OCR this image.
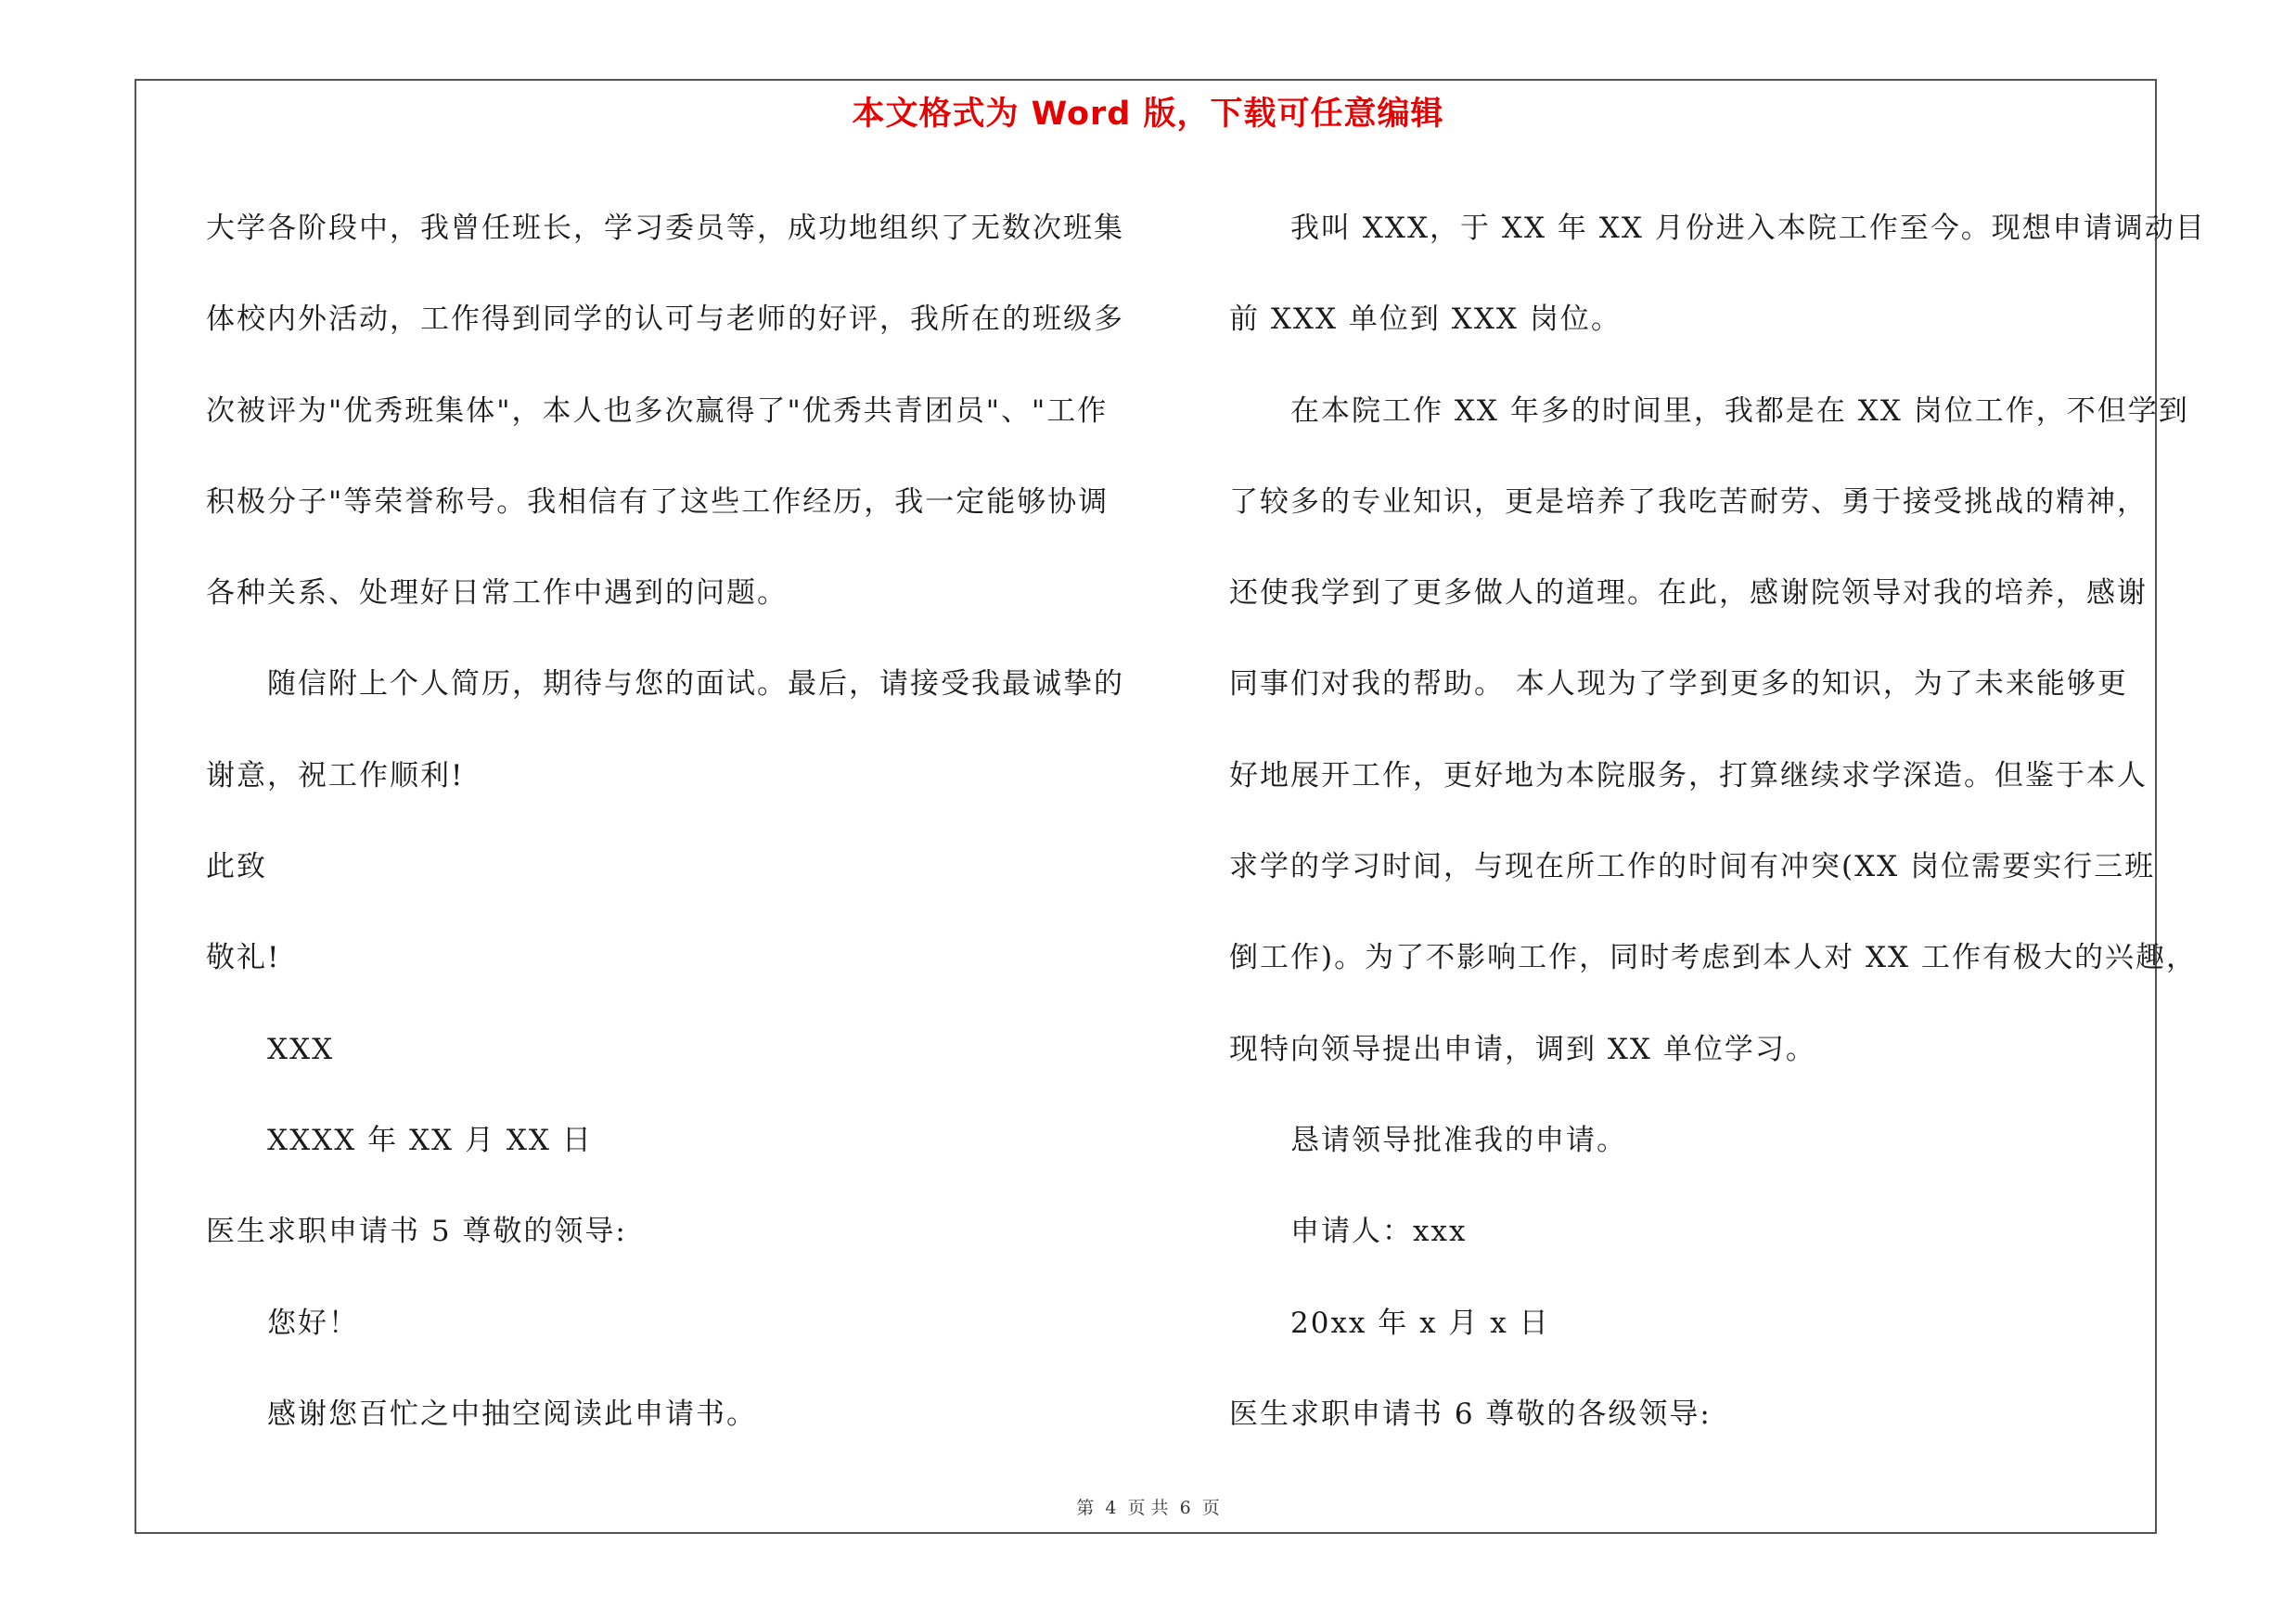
本文格式为 Word 版，下载可任意编辑

大学各阶段中，我曾任班长，学习委员等，成功地组织了无数次班集

体校内外活动，工作得到同学的认可与老师的好评，我所在的班级多

次被评为"优秀班集体"，本人也多次赢得了"优秀共青团员"、"工作

积极分子"等荣誉称号。我相信有了这些工作经历，我一定能够协调

各种关系、处理好日常工作中遇到的问题。

随信附上个人简历，期待与您的面试。最后，请接受我最诚挚的

谢意，祝工作顺利!

此致

敬礼!

XXX

XXXX 年 XX 月 XX 日

医生求职申请书 5 尊敬的领导:

您好！

感谢您百忙之中抽空阅读此申请书。

我叫 XXX，于 XX 年 XX 月份进入本院工作至今。现想申请调动目

前 XXX 单位到 XXX 岗位。

在本院工作 XX 年多的时间里，我都是在 XX 岗位工作，不但学到

了较多的专业知识，更是培养了我吃苦耐劳、勇于接受挑战的精神，

还使我学到了更多做人的道理。在此，感谢院领导对我的培养，感谢

同事们对我的帮助。 本人现为了学到更多的知识，为了未来能够更

好地展开工作，更好地为本院服务，打算继续求学深造。但鉴于本人

求学的学习时间，与现在所工作的时间有冲突(XX 岗位需要实行三班

倒工作)。为了不影响工作，同时考虑到本人对 XX 工作有极大的兴趣，

现特向领导提出申请，调到 XX 单位学习。

恳请领导批准我的申请。

申请人：xxx

20xx 年 x 月 x 日

医生求职申请书 6 尊敬的各级领导:

第 4 页 共 6 页
